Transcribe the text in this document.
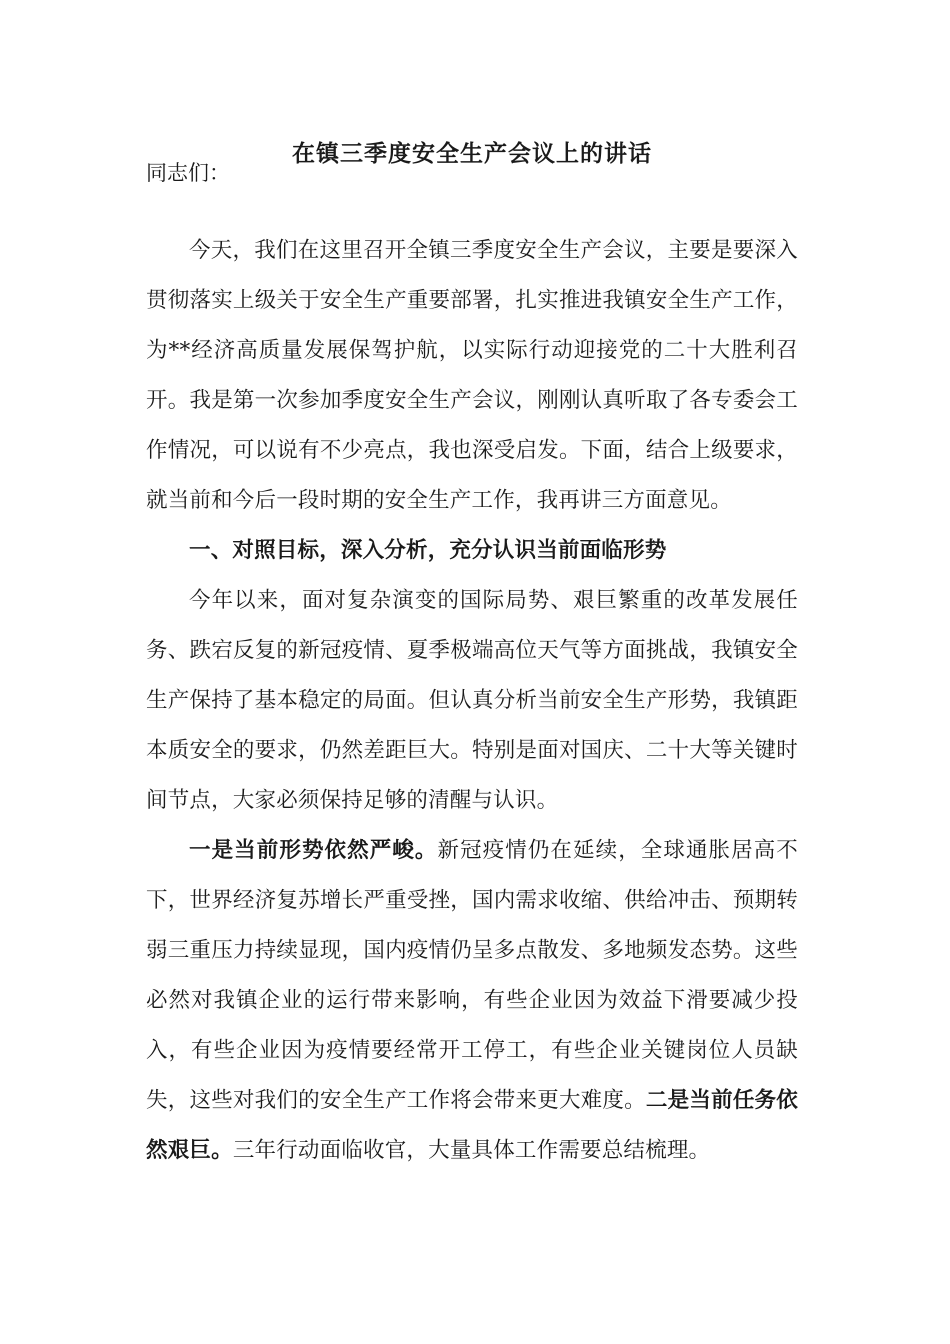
在镇三季度安全生产会议上的讲话
同志们：

今天，我们在这里召开全镇三季度安全生产会议，主要是要深入贯彻落实上级关于安全生产重要部署，扎实推进我镇安全生产工作，为**经济高质量发展保驾护航，以实际行动迎接党的二十大胜利召开。我是第一次参加季度安全生产会议，刚刚认真听取了各专委会工作情况，可以说有不少亮点，我也深受启发。下面，结合上级要求，就当前和今后一段时期的安全生产工作，我再讲三方面意见。

一、对照目标，深入分析，充分认识当前面临形势

今年以来，面对复杂演变的国际局势、艰巨繁重的改革发展任务、跌宕反复的新冠疫情、夏季极端高位天气等方面挑战，我镇安全生产保持了基本稳定的局面。但认真分析当前安全生产形势，我镇距本质安全的要求，仍然差距巨大。特别是面对国庆、二十大等关键时间节点，大家必须保持足够的清醒与认识。

一是当前形势依然严峻。新冠疫情仍在延续，全球通胀居高不下，世界经济复苏增长严重受挫，国内需求收缩、供给冲击、预期转弱三重压力持续显现，国内疫情仍呈多点散发、多地频发态势。这些必然对我镇企业的运行带来影响，有些企业因为效益下滑要减少投入，有些企业因为疫情要经常开工停工，有些企业关键岗位人员缺失，这些对我们的安全生产工作将会带来更大难度。二是当前任务依然艰巨。三年行动面临收官，大量具体工作需要总结梳理。
